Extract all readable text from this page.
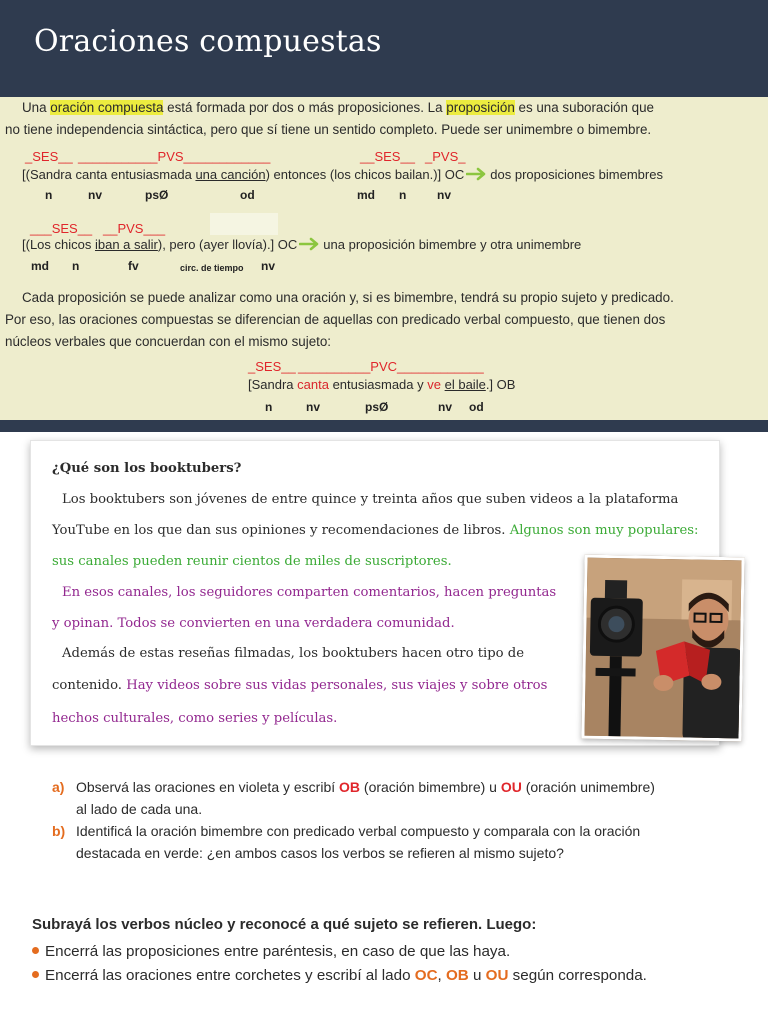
Oraciones compuestas
Una oración compuesta está formada por dos o más proposiciones. La proposición es una suboración que
no tiene independencia sintáctica, pero que sí tiene un sentido completo. Puede ser unimembre o bimembre.
_SES__ ___________PVS____________	__SES__ _PVS_
[(Sandra canta entusiasmada una canción) entonces (los chicos bailan.)] OC dos proposiciones bimembres
n	nv	psØ	od	md n	nv
___SES__ __PVS___
[(Los chicos iban a salir), pero (ayer llovía).] OC una proposición bimembre y otra unimembre
md n	fv	circ. de tiempo nv
Cada proposición se puede analizar como una oración y, si es bimembre, tendrá su propio sujeto y predicado.
Por eso, las oraciones compuestas se diferencian de aquellas con predicado verbal compuesto, que tienen dos
núcleos verbales que concuerdan con el mismo sujeto:
_SES__ __________PVC____________
[Sandra canta entusiasmada y ve el baile.] OB
n	nv	psØ	nv od
¿Qué son los booktubers?
Los booktubers son jóvenes de entre quince y treinta años que suben videos a la plataforma
YouTube en los que dan sus opiniones y recomendaciones de libros. Algunos son muy populares:
sus canales pueden reunir cientos de miles de suscriptores.
En esos canales, los seguidores comparten comentarios, hacen preguntas
y opinan. Todos se convierten en una verdadera comunidad.
Además de estas reseñas filmadas, los booktubers hacen otro tipo de
contenido. Hay videos sobre sus vidas personales, sus viajes y sobre otros
hechos culturales, como series y películas.
a) Observá las oraciones en violeta y escribí OB (oración bimembre) u OU (oración unimembre)
al lado de cada una.
b) Identificá la oración bimembre con predicado verbal compuesto y comparala con la oración
destacada en verde: ¿en ambos casos los verbos se refieren al mismo sujeto?
Subrayá los verbos núcleo y reconocé a qué sujeto se refieren. Luego:
Encerrá las proposiciones entre paréntesis, en caso de que las haya.
Encerrá las oraciones entre corchetes y escribí al lado OC, OB u OU según corresponda.
